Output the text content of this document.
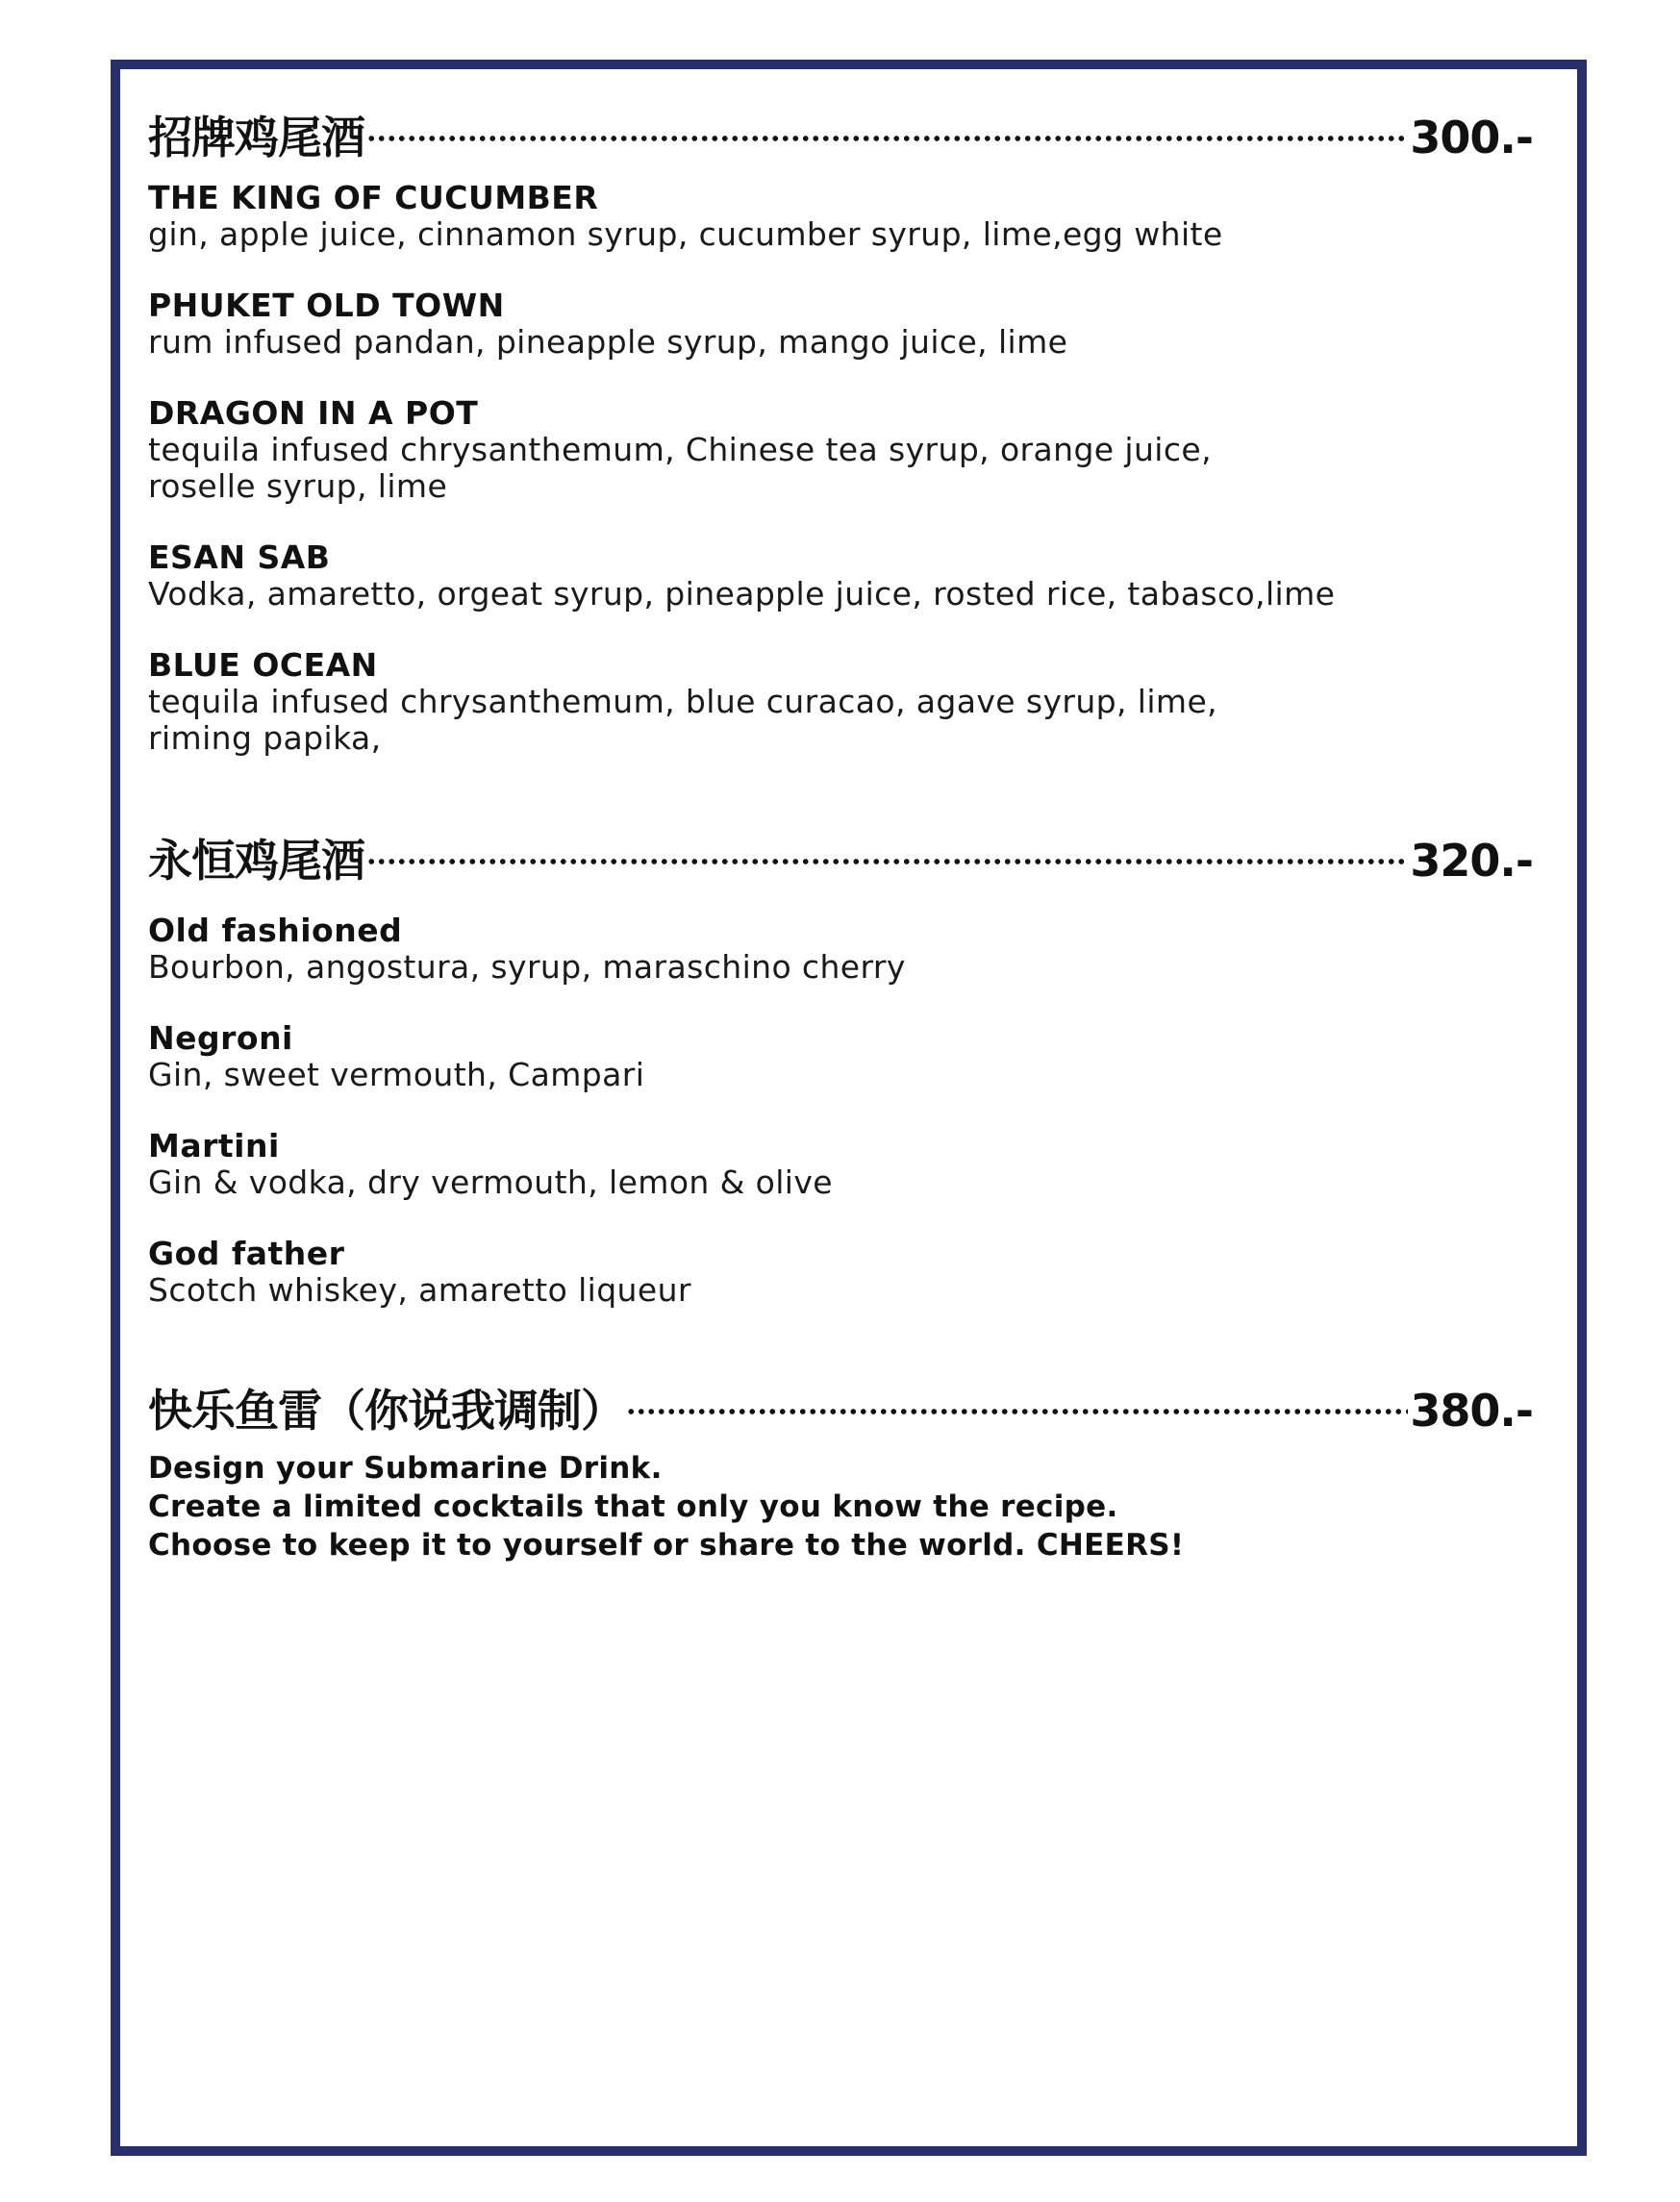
招牌鸡尾酒	300.-
THE KING OF CUCUMBER
gin, apple juice, cinnamon syrup, cucumber syrup, lime,egg white
PHUKET OLD TOWN
rum infused pandan, pineapple syrup, mango juice, lime
DRAGON IN A POT
tequila infused chrysanthemum, Chinese tea syrup, orange juice,
roselle syrup, lime
ESAN SAB
Vodka, amaretto, orgeat syrup, pineapple juice, rosted rice, tabasco,lime
BLUE OCEAN
tequila infused chrysanthemum, blue curacao, agave syrup, lime,
riming papika,
永恒鸡尾酒	320.-
Old fashioned
Bourbon, angostura, syrup, maraschino cherry
Negroni
Gin, sweet vermouth, Campari
Martini
Gin & vodka, dry vermouth, lemon & olive
God father
Scotch whiskey, amaretto liqueur
快乐鱼雷（你说我调制）	380.-
Design your Submarine Drink.
Create a limited cocktails that only you know the recipe.
Choose to keep it to yourself or share to the world. CHEERS!
